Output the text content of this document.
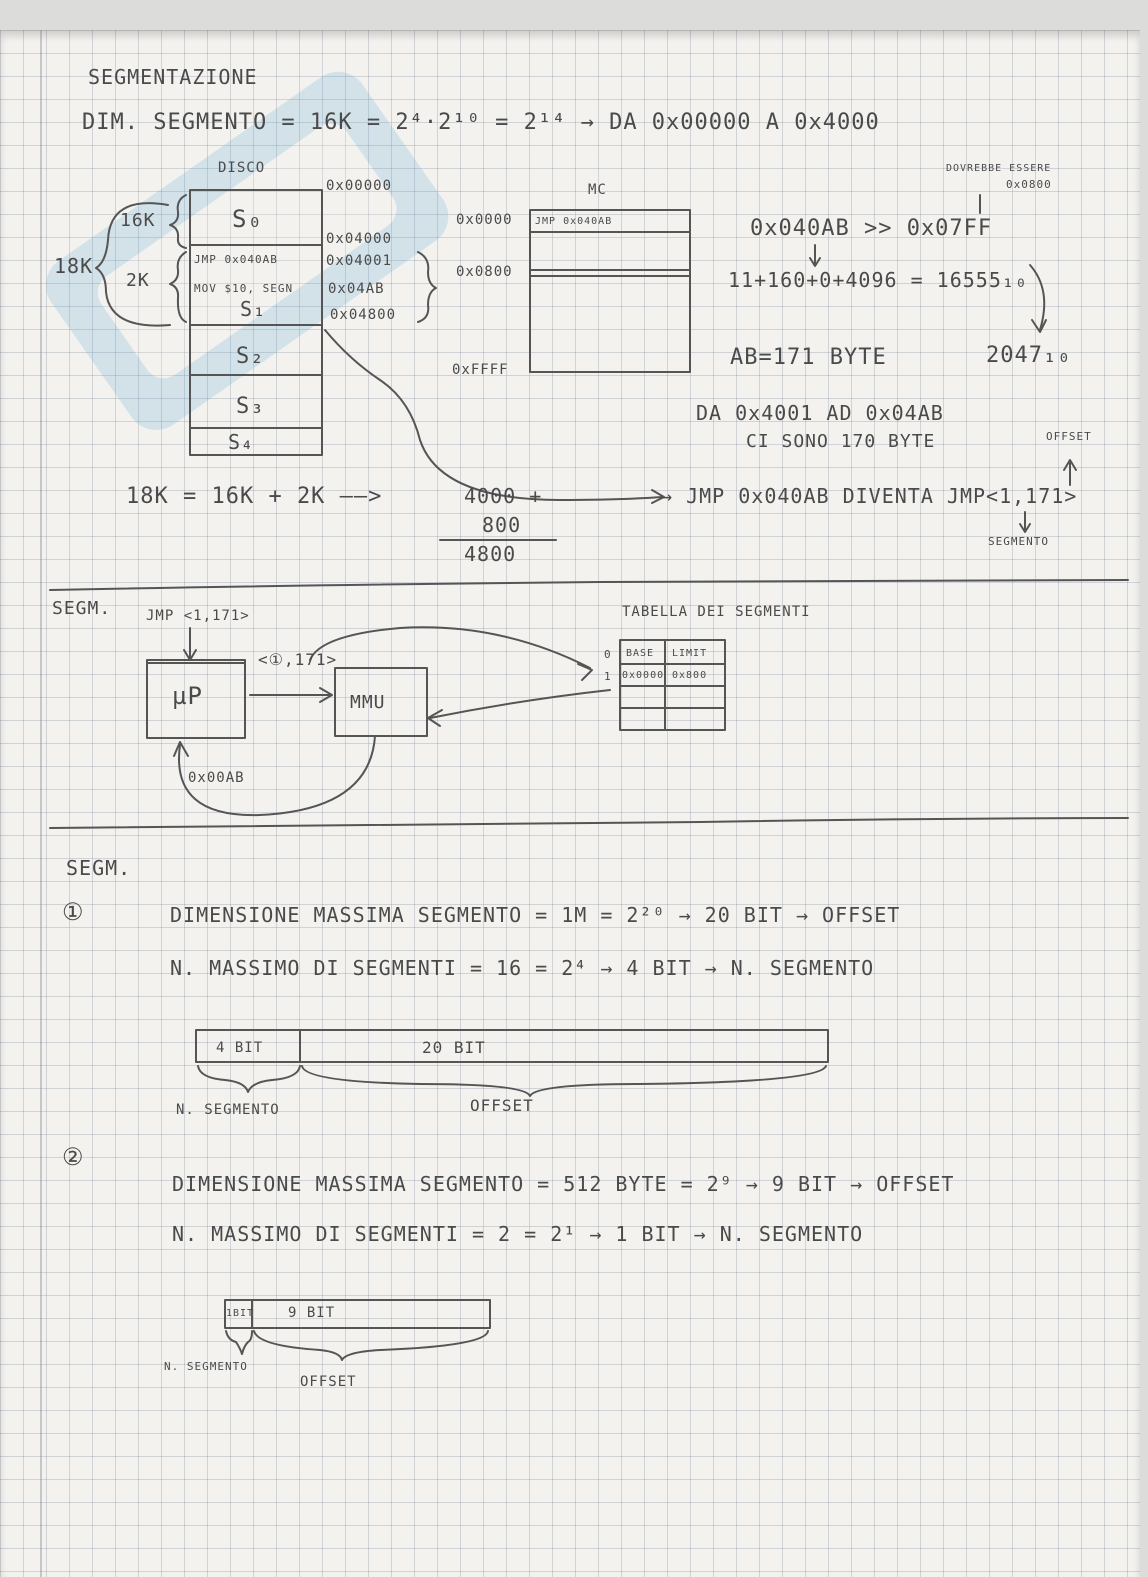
SEGMENTAZIONE
DIM. SEGMENTO = 16K = 2⁴·2¹⁰ = 2¹⁴ → DA 0x00000 A 0x4000
DISCO
18K
16K
2K
S₀
JMP 0x040AB
MOV $10, SEGN
S₁
S₂
S₃
S₄
0x00000
0x04000
0x04001
0x04AB
0x04800
MC
0x0000
0x0800
0xFFFF
JMP 0x040AB
DOVREBBE ESSERE
0x0800
0x040AB >> 0x07FF
11+160+0+4096 = 16555₁₀
AB=171 BYTE	2047₁₀
DA 0x4001 AD 0x04AB
CI SONO 170 BYTE	OFFSET
18K = 16K + 2K ——>	4000 +
800
4800
→ JMP 0x040AB DIVENTA JMP<1,171>
SEGMENTO
SEGM. JMP <1,171>
µP
<①,171>
MMU
0x00AB
TABELLA DEI SEGMENTI
BASE LIMIT
0
1 0x0000 0x800
SEGM.
①	DIMENSIONE MASSIMA SEGMENTO = 1M = 2²⁰ → 20 BIT → OFFSET
N. MASSIMO DI SEGMENTI = 16 = 2⁴ → 4 BIT → N. SEGMENTO
4 BIT	20 BIT
N. SEGMENTO	OFFSET
②
DIMENSIONE MASSIMA SEGMENTO = 512 BYTE = 2⁹ → 9 BIT → OFFSET
N. MASSIMO DI SEGMENTI = 2 = 2¹ → 1 BIT → N. SEGMENTO
1BIT 9 BIT
N. SEGMENTO
OFFSET
